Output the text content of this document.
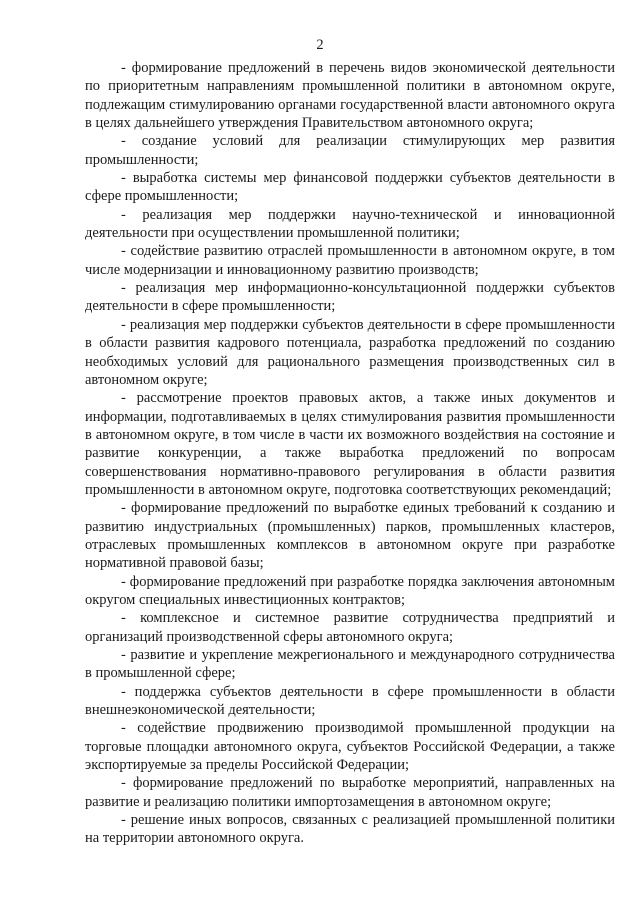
2

- формирование предложений в перечень видов экономической деятельности по приоритетным направлениям промышленной политики в автономном округе, подлежащим стимулированию органами государственной власти автономного округа в целях дальнейшего утверждения Правительством автономного округа;

- создание условий для реализации стимулирующих мер развития промышленности;

- выработка системы мер финансовой поддержки субъектов деятельности в сфере промышленности;

- реализация мер поддержки научно-технической и инновационной деятельности при осуществлении промышленной политики;

- содействие развитию отраслей промышленности в автономном округе, в том числе модернизации и инновационному развитию производств;

- реализация мер информационно-консультационной поддержки субъектов деятельности в сфере промышленности;

- реализация мер поддержки субъектов деятельности в сфере промышленности в области развития кадрового потенциала, разработка предложений по созданию необходимых условий для рационального размещения производственных сил в автономном округе;

- рассмотрение проектов правовых актов, а также иных документов и информации, подготавливаемых в целях стимулирования развития промышленности в автономном округе, в том числе в части их возможного воздействия на состояние и развитие конкуренции, а также выработка предложений по вопросам совершенствования нормативно-правового регулирования в области развития промышленности в автономном округе, подготовка соответствующих рекомендаций;

- формирование предложений по выработке единых требований к созданию и развитию индустриальных (промышленных) парков, промышленных кластеров, отраслевых промышленных комплексов в автономном округе при разработке нормативной правовой базы;

- формирование предложений при разработке порядка заключения автономным округом специальных инвестиционных контрактов;

- комплексное и системное развитие сотрудничества предприятий и организаций производственной сферы автономного округа;

- развитие и укрепление межрегионального и международного сотрудничества в промышленной сфере;

- поддержка субъектов деятельности в сфере промышленности в области внешнеэкономической деятельности;

- содействие продвижению производимой промышленной продукции на торговые площадки автономного округа, субъектов Российской Федерации, а также экспортируемые за пределы Российской Федерации;

- формирование предложений по выработке мероприятий, направленных на развитие и реализацию политики импортозамещения в автономном округе;

- решение иных вопросов, связанных с реализацией промышленной политики на территории автономного округа.
